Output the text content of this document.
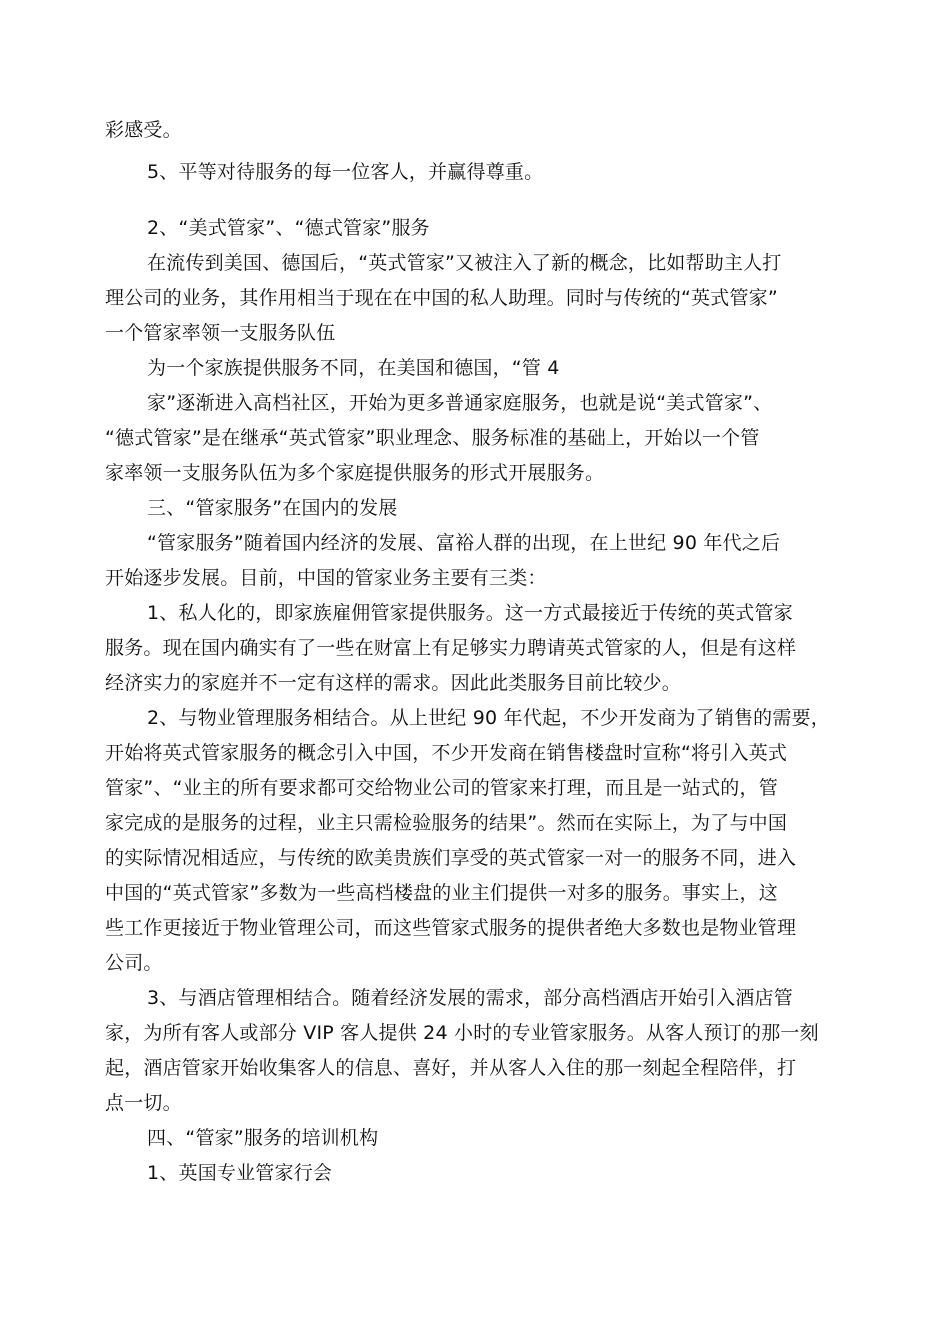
彩感受。
5、平等对待服务的每一位客人，并赢得尊重。
2、“美式管家”、“德式管家”服务
在流传到美国、德国后，“英式管家”又被注入了新的概念，比如帮助主人打
理公司的业务，其作用相当于现在在中国的私人助理。同时与传统的“英式管家”
一个管家率领一支服务队伍
为一个家族提供服务不同，在美国和德国，“管 4
家”逐渐进入高档社区，开始为更多普通家庭服务，也就是说“美式管家”、
“德式管家”是在继承“英式管家”职业理念、服务标准的基础上，开始以一个管
家率领一支服务队伍为多个家庭提供服务的形式开展服务。
三、“管家服务”在国内的发展
“管家服务”随着国内经济的发展、富裕人群的出现，在上世纪 90 年代之后
开始逐步发展。目前，中国的管家业务主要有三类：
1、私人化的，即家族雇佣管家提供服务。这一方式最接近于传统的英式管家
服务。现在国内确实有了一些在财富上有足够实力聘请英式管家的人，但是有这样
经济实力的家庭并不一定有这样的需求。因此此类服务目前比较少。
2、与物业管理服务相结合。从上世纪 90 年代起，不少开发商为了销售的需要，
开始将英式管家服务的概念引入中国，不少开发商在销售楼盘时宣称“将引入英式
管家”、“业主的所有要求都可交给物业公司的管家来打理，而且是一站式的，管
家完成的是服务的过程，业主只需检验服务的结果”。然而在实际上，为了与中国
的实际情况相适应，与传统的欧美贵族们享受的英式管家一对一的服务不同，进入
中国的“英式管家”多数为一些高档楼盘的业主们提供一对多的服务。事实上，这
些工作更接近于物业管理公司，而这些管家式服务的提供者绝大多数也是物业管理
公司。
3、与酒店管理相结合。随着经济发展的需求，部分高档酒店开始引入酒店管
家，为所有客人或部分 VIP 客人提供 24 小时的专业管家服务。从客人预订的那一刻
起，酒店管家开始收集客人的信息、喜好，并从客人入住的那一刻起全程陪伴，打
点一切。
四、“管家”服务的培训机构
1、英国专业管家行会
